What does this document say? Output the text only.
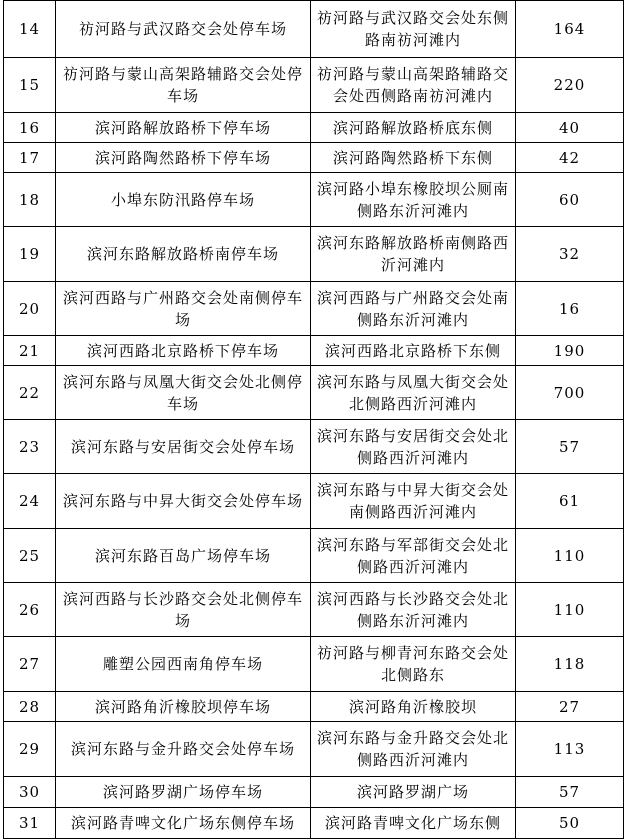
14	祊河路与武汉路交会处停车场	祊河路与武汉路交会处东侧路南祊河滩内	164
15	祊河路与蒙山高架路辅路交会处停车场	祊河路与蒙山高架路辅路交会处西侧路南祊河滩内	220
16	滨河路解放路桥下停车场	滨河路解放路桥底东侧	40
17	滨河路陶然路桥下停车场	滨河路陶然路桥下东侧	42
18	小埠东防汛路停车场	滨河路小埠东橡胶坝公厕南侧路东沂河滩内	60
19	滨河东路解放路桥南停车场	滨河东路解放路桥南侧路西沂河滩内	32
20	滨河西路与广州路交会处南侧停车场	滨河西路与广州路交会处南侧路东沂河滩内	16
21	滨河西路北京路桥下停车场	滨河西路北京路桥下东侧	190
22	滨河东路与凤凰大街交会处北侧停车场	滨河东路与凤凰大街交会处北侧路西沂河滩内	700
23	滨河东路与安居街交会处停车场	滨河东路与安居街交会处北侧路西沂河滩内	57
24	滨河东路与中昇大街交会处停车场	滨河东路与中昇大街交会处南侧路西沂河滩内	61
25	滨河东路百岛广场停车场	滨河东路与军部街交会处北侧路西沂河滩内	110
26	滨河西路与长沙路交会处北侧停车场	滨河西路与长沙路交会处北侧路东沂河滩内	110
27	雕塑公园西南角停车场	祊河路与柳青河东路交会处北侧路东	118
28	滨河路角沂橡胶坝停车场	滨河路角沂橡胶坝	27
29	滨河东路与金升路交会处停车场	滨河东路与金升路交会处北侧路西沂河滩内	113
30	滨河路罗湖广场停车场	滨河路罗湖广场	57
31	滨河路青啤文化广场东侧停车场	滨河路青啤文化广场东侧	50
